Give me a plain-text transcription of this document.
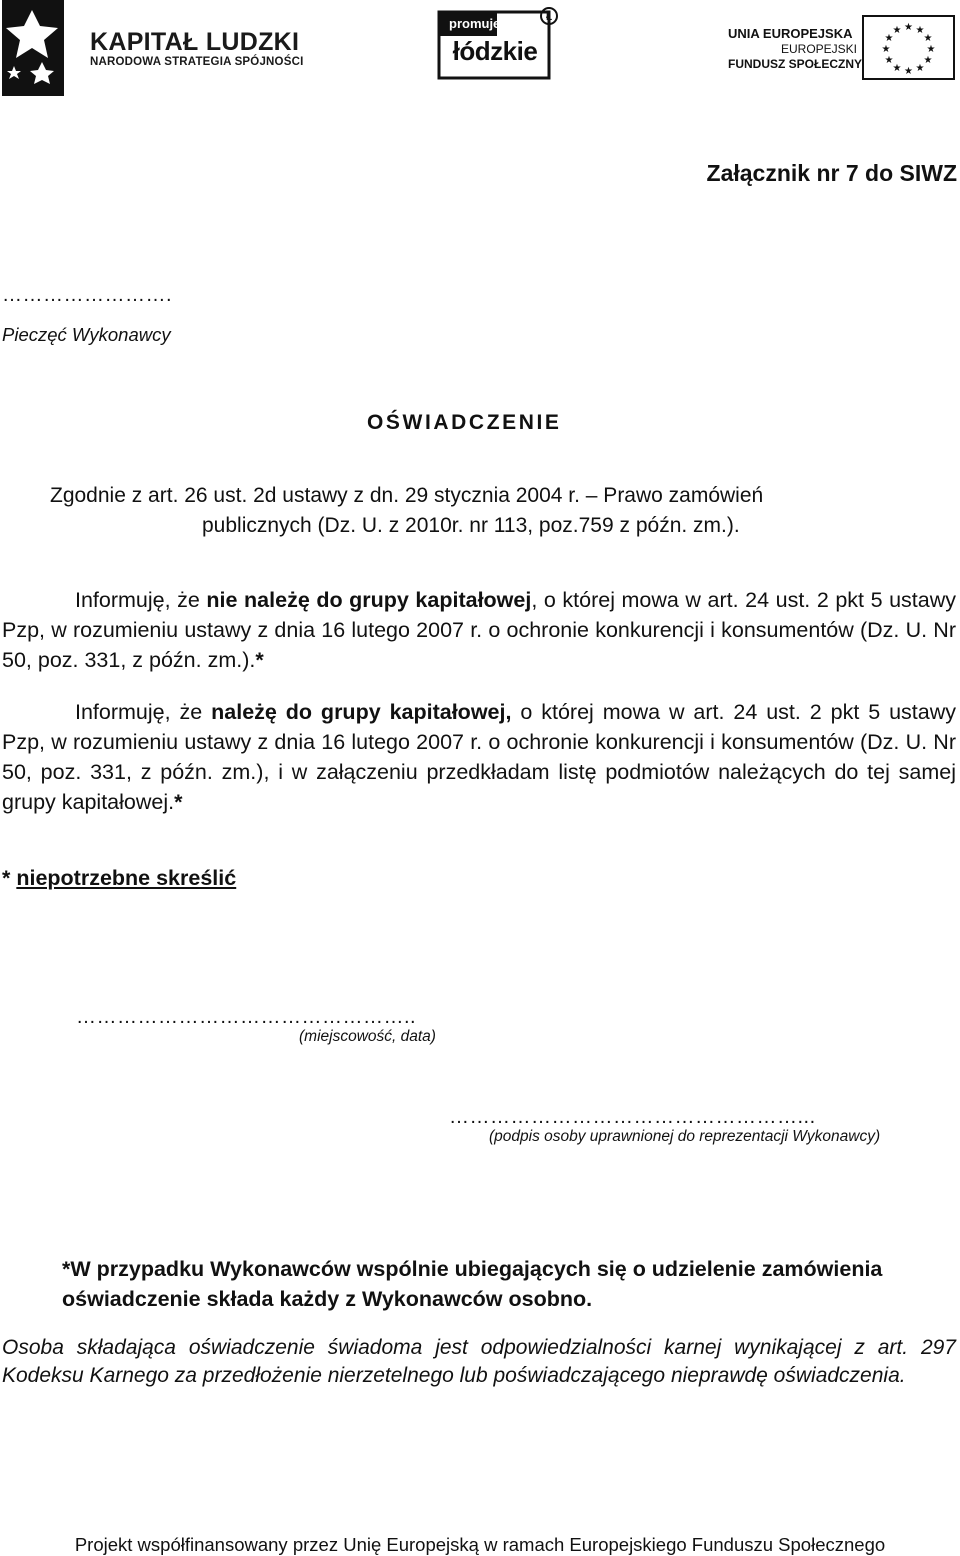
KAPITAŁ LUDZKI
NARODOWA STRATEGIA SPÓJNOŚCI
Ł
promuje
łódzkie
UNIA EUROPEJSKA
EUROPEJSKI
FUNDUSZ SPOŁECZNY
★ ★
★
★
★
★
★
★
★
★
★
★
Załącznik nr 7 do SIWZ
…………………….
Pieczęć Wykonawcy
OŚWIADCZENIE
Zgodnie z art. 26 ust. 2d ustawy z dn. 29 stycznia 2004 r. – Prawo zamówień
publicznych (Dz. U. z 2010r. nr 113, poz.759 z późn. zm.).
Informuję, że nie należę do grupy kapitałowej, o której mowa w art. 24 ust. 2 pkt 5 ustawy Pzp, w rozumieniu ustawy z dnia 16 lutego 2007 r. o ochronie konkurencji i konsumentów (Dz. U. Nr 50, poz. 331, z późn. zm.).*
Informuję, że należę do grupy kapitałowej, o której mowa w art. 24 ust. 2 pkt 5 ustawy Pzp, w rozumieniu ustawy z dnia 16 lutego 2007 r. o ochronie konkurencji i konsumentów (Dz. U. Nr 50, poz. 331, z późn. zm.), i w załączeniu przedkładam listę podmiotów należących do tej samej grupy kapitałowej.*
* niepotrzebne skreślić
…………………………………………..
(miejscowość, data)
……………………………………………...
(podpis osoby uprawnionej do reprezentacji Wykonawcy)
*W przypadku Wykonawców wspólnie ubiegających się o udzielenie zamówienia oświadczenie składa każdy z Wykonawców osobno.
Osoba składająca oświadczenie świadoma jest odpowiedzialności karnej wynikającej z art. 297 Kodeksu Karnego za przedłożenie nierzetelnego lub poświadczającego nieprawdę oświadczenia.
Projekt współfinansowany przez Unię Europejską w ramach Europejskiego Funduszu Społecznego
